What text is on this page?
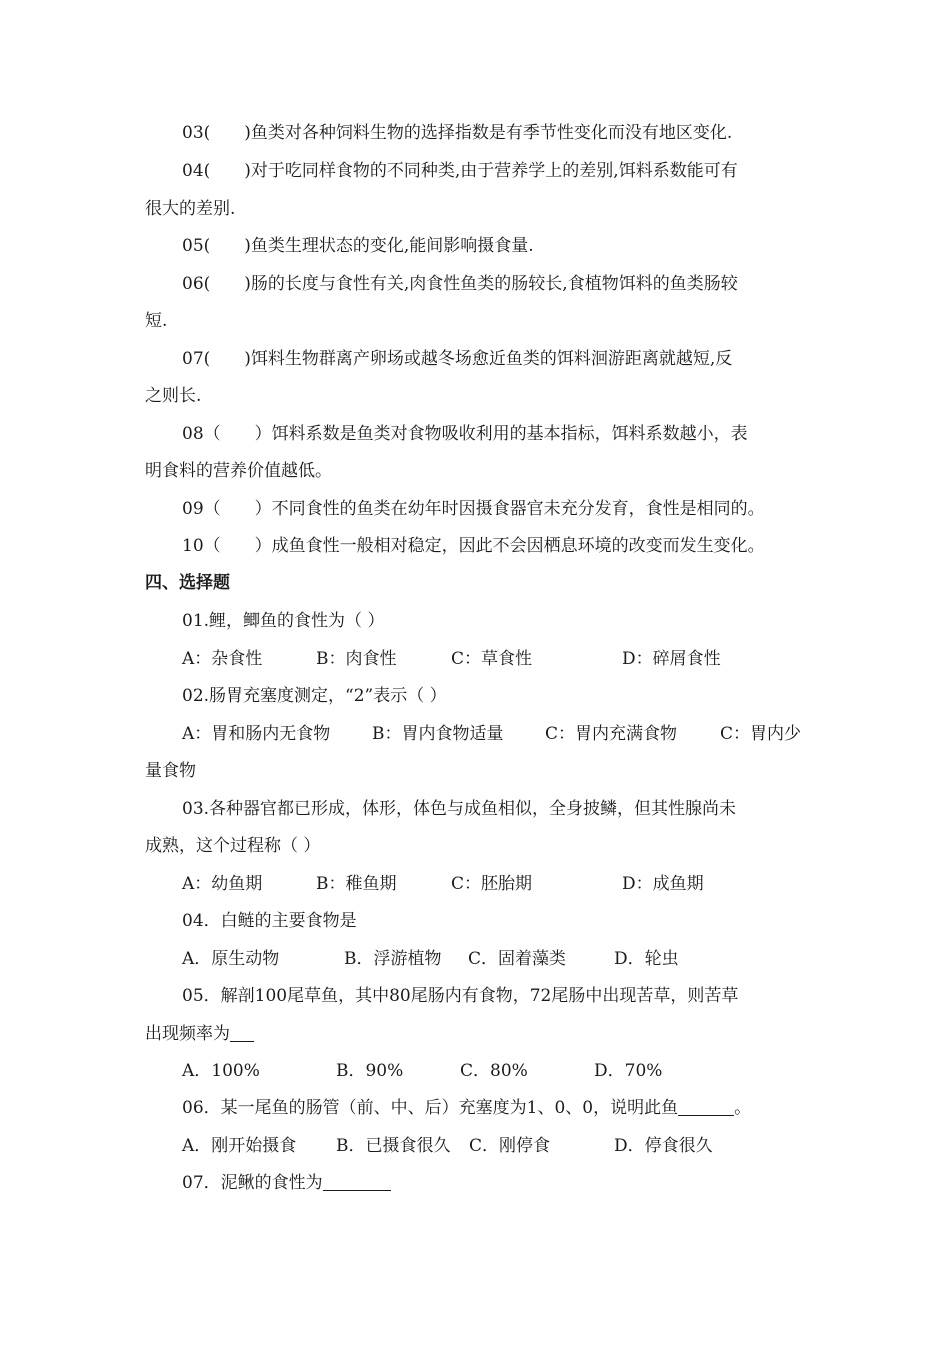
03(　　)鱼类对各种饲料生物的选择指数是有季节性变化而没有地区变化.
04(　　)对于吃同样食物的不同种类,由于营养学上的差别,饵料系数能可有
很大的差别.
05(　　)鱼类生理状态的变化,能间影响摄食量.
06(　　)肠的长度与食性有关,肉食性鱼类的肠较长,食植物饵料的鱼类肠较
短.
07(　　)饵料生物群离产卵场或越冬场愈近鱼类的饵料洄游距离就越短,反
之则长.
08（　　）饵料系数是鱼类对食物吸收利用的基本指标，饵料系数越小，表
明食料的营养价值越低。
09（　　）不同食性的鱼类在幼年时因摄食器官未充分发育，食性是相同的。
10（　　）成鱼食性一般相对稳定，因此不会因栖息环境的改变而发生变化。
四、选择题
01.鲤，鲫鱼的食性为（ ）
A：杂食性	B：肉食性	C：草食性	D：碎屑食性
02.肠胃充塞度测定，“2”表示（ ）
A：胃和肠内无食物 B：胃内食物适量 C：胃内充满食物	C：胃内少
量食物
03.各种器官都已形成，体形，体色与成鱼相似，全身披鳞，但其性腺尚未
成熟，这个过程称（ ）
A：幼鱼期	B：稚鱼期	C：胚胎期	D：成鱼期
04．白鲢的主要食物是
A．原生动物	B．浮游植物 C．固着藻类	D．轮虫
05．解剖100尾草鱼，其中80尾肠内有食物，72尾肠中出现苦草，则苦草
出现频率为
A．100%	B．90%	C．80%	D．70%
06．某一尾鱼的肠管（前、中、后）充塞度为1、0、0，说明此鱼	。
A．刚开始摄食 B．已摄食很久 C．刚停食	D．停食很久
07．泥鳅的食性为
